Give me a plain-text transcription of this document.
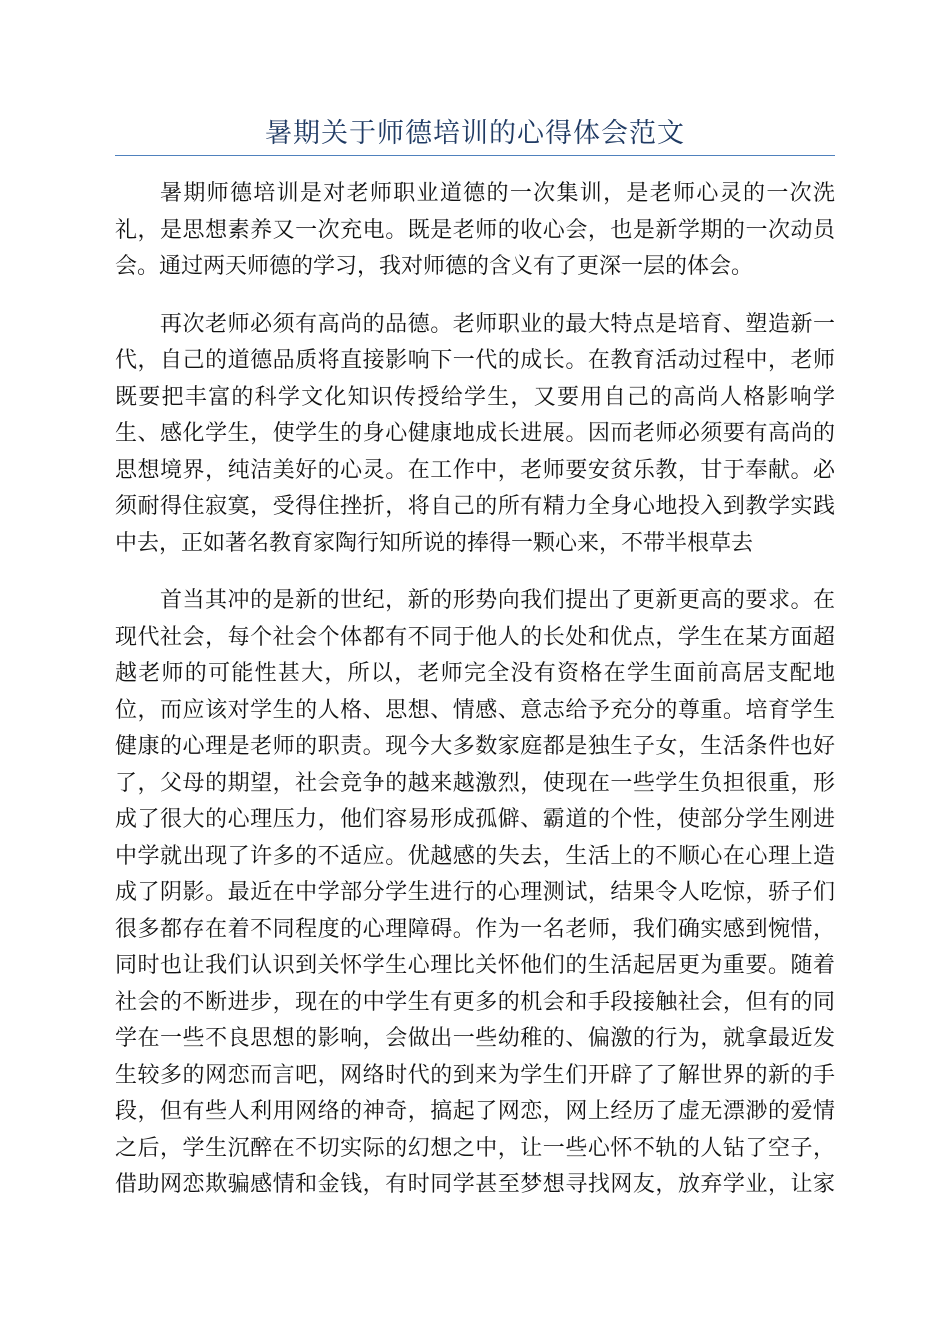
暑期关于师德培训的心得体会范文
暑期师德培训是对老师职业道德的一次集训，是老师心灵的一次洗
礼，是思想素养又一次充电。既是老师的收心会，也是新学期的一次动员
会。通过两天师德的学习，我对师德的含义有了更深一层的体会。
再次老师必须有高尚的品德。老师职业的最大特点是培育、塑造新一
代，自己的道德品质将直接影响下一代的成长。在教育活动过程中，老师
既要把丰富的科学文化知识传授给学生，又要用自己的高尚人格影响学
生、感化学生，使学生的身心健康地成长进展。因而老师必须要有高尚的
思想境界，纯洁美好的心灵。在工作中，老师要安贫乐教，甘于奉献。必
须耐得住寂寞，受得住挫折，将自己的所有精力全身心地投入到教学实践
中去，正如著名教育家陶行知所说的捧得一颗心来，不带半根草去
首当其冲的是新的世纪，新的形势向我们提出了更新更高的要求。在
现代社会，每个社会个体都有不同于他人的长处和优点，学生在某方面超
越老师的可能性甚大，所以，老师完全没有资格在学生面前高居支配地
位，而应该对学生的人格、思想、情感、意志给予充分的尊重。培育学生
健康的心理是老师的职责。现今大多数家庭都是独生子女，生活条件也好
了，父母的期望，社会竞争的越来越激烈，使现在一些学生负担很重，形
成了很大的心理压力，他们容易形成孤僻、霸道的个性，使部分学生刚进
中学就出现了许多的不适应。优越感的失去，生活上的不顺心在心理上造
成了阴影。最近在中学部分学生进行的心理测试，结果令人吃惊，骄子们
很多都存在着不同程度的心理障碍。作为一名老师，我们确实感到惋惜，
同时也让我们认识到关怀学生心理比关怀他们的生活起居更为重要。随着
社会的不断进步，现在的中学生有更多的机会和手段接触社会，但有的同
学在一些不良思想的影响，会做出一些幼稚的、偏激的行为，就拿最近发
生较多的网恋而言吧，网络时代的到来为学生们开辟了了解世界的新的手
段，但有些人利用网络的神奇，搞起了网恋，网上经历了虚无漂渺的爱情
之后，学生沉醉在不切实际的幻想之中，让一些心怀不轨的人钻了空子，
借助网恋欺骗感情和金钱，有时同学甚至梦想寻找网友，放弃学业，让家
